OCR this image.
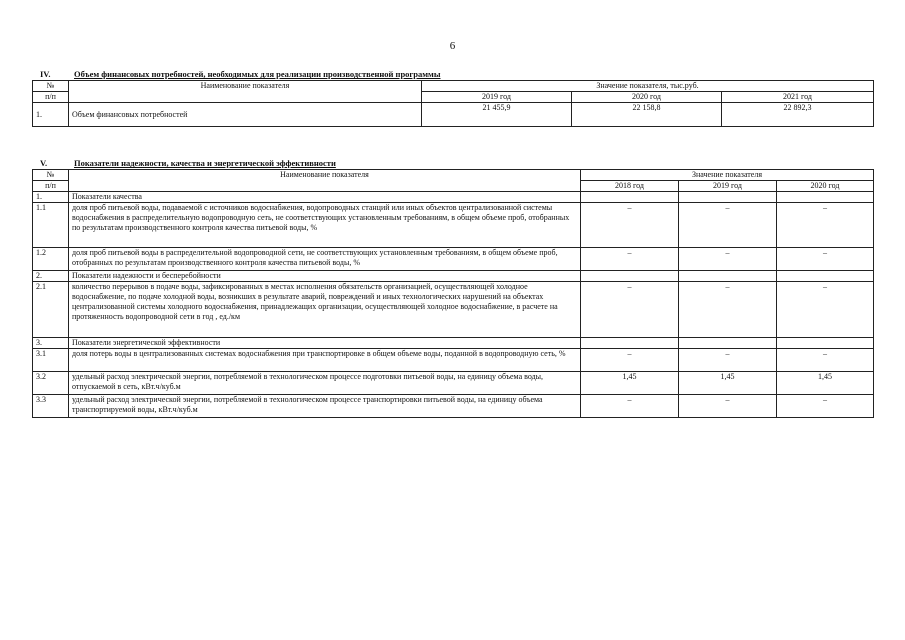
6
IV.	Объем финансовых потребностей, необходимых для реализации производственной программы
№	Наименование показателя	Значение показателя, тыс.руб.		
п/п		2019 год	2020 год	2021 год
1.	Объем финансовых потребностей	21 455,9	22 158,8	22 892,3
V.	Показатели надежности, качества и энергетической эффективности
№	Наименование показателя	Значение показателя		
п/п		2018 год	2019 год	2020 год
1.	Показатели качества			
1.1	доля проб питьевой воды, подаваемой с источников водоснабжения, водопроводных станций или иных объектов централизованной системы водоснабжения в распределительную водопроводную сеть, не соответствующих установленным требованиям, в общем объеме проб, отобранных по результатам производственного контроля качества питьевой воды, %	–	–	–
1.2	доля проб питьевой воды в распределительной водопроводной сети, не соответствующих установленным требованиям, в общем объеме проб, отобранных по результатам производственного контроля качества питьевой воды, %	–	–	–
2.	Показатели надежности и бесперебойности			
2.1	количество перерывов в подаче воды, зафиксированных в местах исполнения обязательств организацией, осуществляющей холодное водоснабжение, по подаче холодной воды, возникших в результате аварий, повреждений и иных технологических нарушений на объектах централизованной системы холодного водоснабжения, принадлежащих организации, осуществляющей холодное водоснабжение, в расчете на протяженность водопроводной сети в год , ед./км	–	–	–
3.	Показатели энергетической эффективности			
3.1	доля потерь воды в централизованных системах водоснабжения при транспортировке в общем объеме воды, поданной в водопроводную сеть, %	–	–	–
3.2	удельный расход электрической энергии, потребляемой в технологическом процессе подготовки питьевой воды, на единицу объема воды, отпускаемой в сеть, кВт.ч/куб.м	1,45	1,45	1,45
3.3	удельный расход электрической энергии, потребляемой в технологическом процессе транспортировки питьевой воды, на единицу объема транспортируемой воды, кВт.ч/куб.м	–	–	–
